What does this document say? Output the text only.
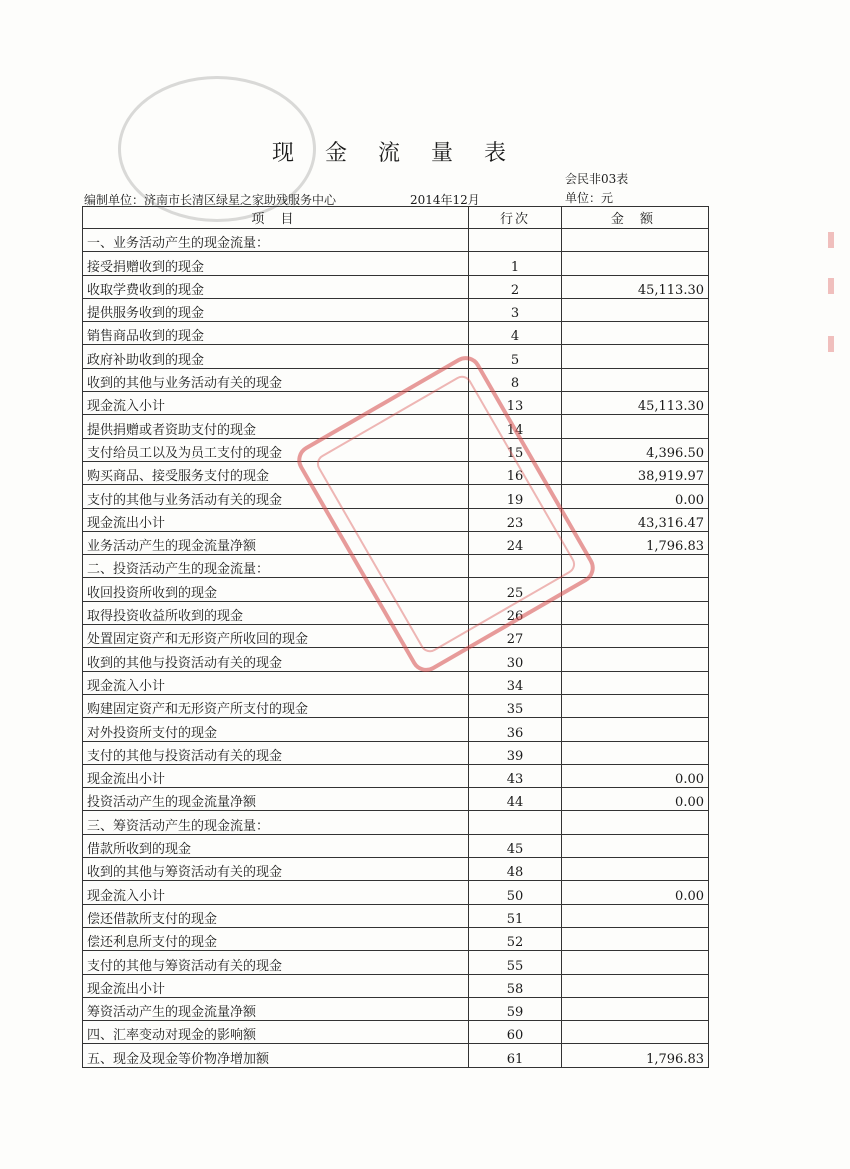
现 金 流 量 表
会民非03表
编制单位：济南市长清区绿星之家助残服务中心	2014年12月	单位：元
项 目	行次	金 额
一、业务活动产生的现金流量：		
接受捐赠收到的现金	1	
收取学费收到的现金	2	45,113.30
提供服务收到的现金	3	
销售商品收到的现金	4	
政府补助收到的现金	5	
收到的其他与业务活动有关的现金	8	
现金流入小计	13	45,113.30
提供捐赠或者资助支付的现金	14	
支付给员工以及为员工支付的现金	15	4,396.50
购买商品、接受服务支付的现金	16	38,919.97
支付的其他与业务活动有关的现金	19	0.00
现金流出小计	23	43,316.47
业务活动产生的现金流量净额	24	1,796.83
二、投资活动产生的现金流量：		
收回投资所收到的现金	25	
取得投资收益所收到的现金	26	
处置固定资产和无形资产所收回的现金	27	
收到的其他与投资活动有关的现金	30	
现金流入小计	34	
购建固定资产和无形资产所支付的现金	35	
对外投资所支付的现金	36	
支付的其他与投资活动有关的现金	39	
现金流出小计	43	0.00
投资活动产生的现金流量净额	44	0.00
三、筹资活动产生的现金流量：		
借款所收到的现金	45	
收到的其他与筹资活动有关的现金	48	
现金流入小计	50	0.00
偿还借款所支付的现金	51	
偿还利息所支付的现金	52	
支付的其他与筹资活动有关的现金	55	
现金流出小计	58	
筹资活动产生的现金流量净额	59	
四、汇率变动对现金的影响额	60	
五、现金及现金等价物净增加额	61	1,796.83
